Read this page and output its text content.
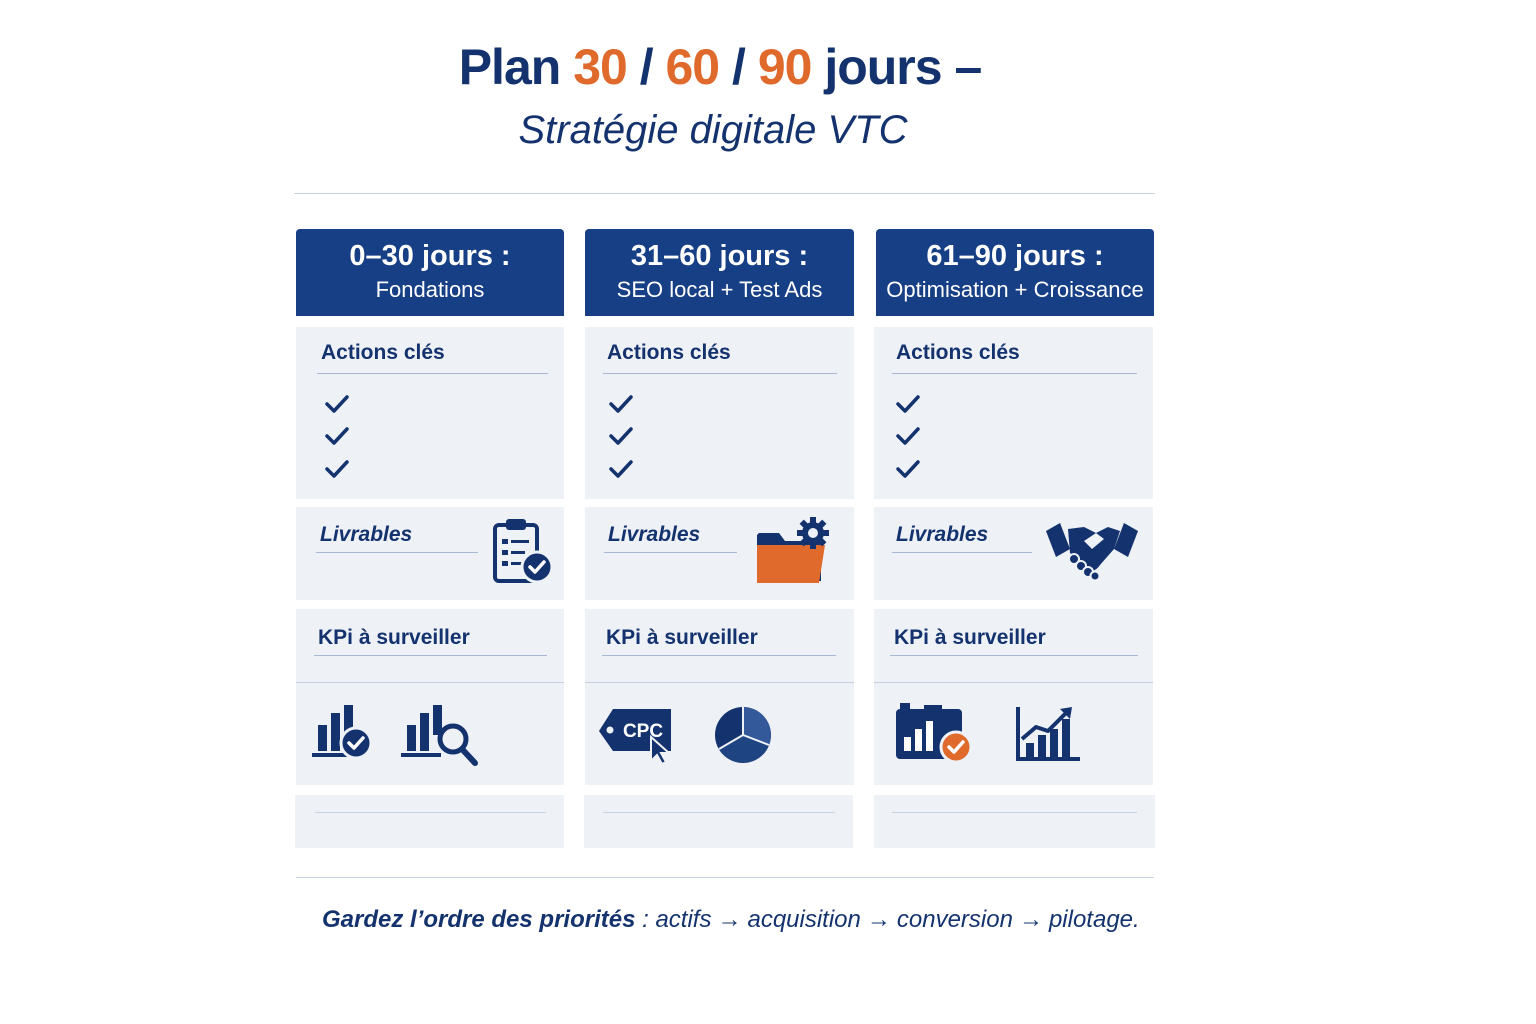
Plan 30 / 60 / 90 jours –
Stratégie digitale VTC
0–30 jours :
Fondations
Actions clés
Livrables
KPi à surveiller
31–60 jours :
SEO local + Test Ads
Actions clés
Livrables
KPi à surveiller
CPC
61–90 jours :
Optimisation + Croissance
Actions clés
Livrables
KPi à surveiller
Gardez l’ordre des priorités : actifs → acquisition → conversion → pilotage.
